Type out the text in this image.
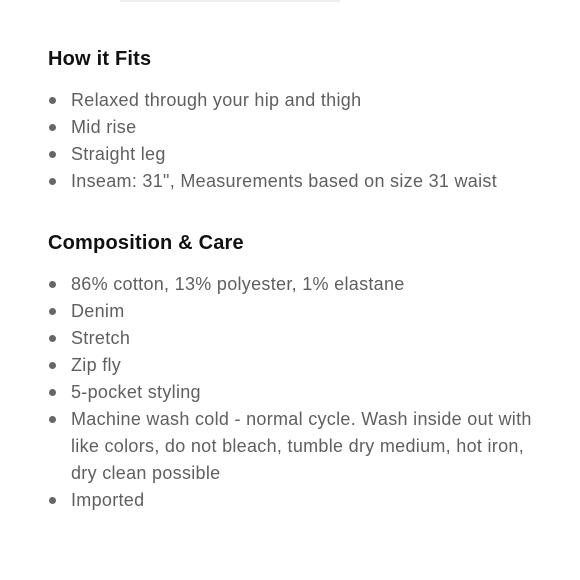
How it Fits
Relaxed through your hip and thigh
Mid rise
Straight leg
Inseam: 31", Measurements based on size 31 waist
Composition & Care
86% cotton, 13% polyester, 1% elastane
Denim
Stretch
Zip fly
5-pocket styling
Machine wash cold - normal cycle. Wash inside out with like colors, do not bleach, tumble dry medium, hot iron, dry clean possible
Imported
